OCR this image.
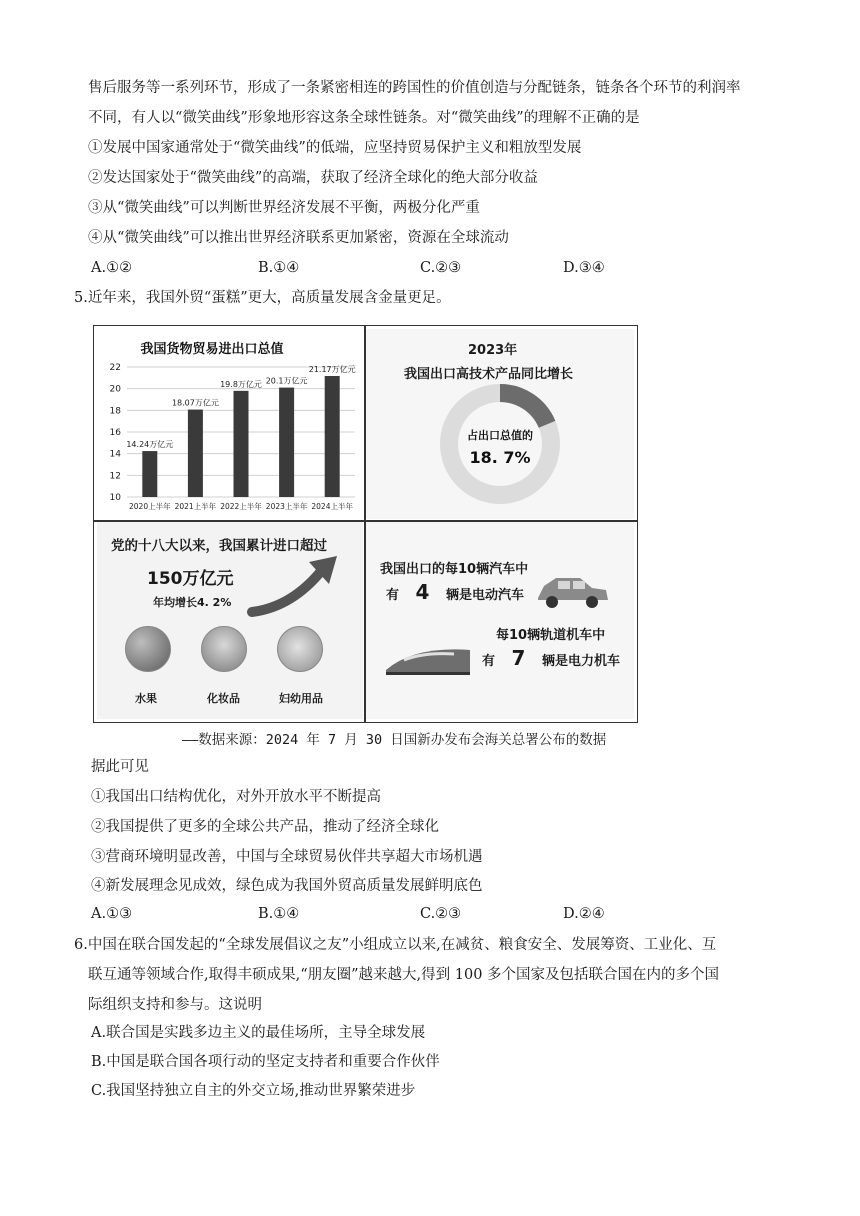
售后服务等一系列环节，形成了一条紧密相连的跨国性的价值创造与分配链条，链条各个环节的利润率
不同，有人以“微笑曲线”形象地形容这条全球性链条。对“微笑曲线”的理解不正确的是
①发展中国家通常处于“微笑曲线”的低端，应坚持贸易保护主义和粗放型发展
②发达国家处于“微笑曲线”的高端，获取了经济全球化的绝大部分收益
③从“微笑曲线”可以判断世界经济发展不平衡，两极分化严重
④从“微笑曲线”可以推出世界经济联系更加紧密，资源在全球流动
A.①②	B.①④	C.②③	D.③④
5.近年来，我国外贸“蛋糕”更大，高质量发展含金量更足。
我国货物贸易进出口总值
10
12
14
16
18
20
22
14.24万亿元
2020上半年
18.07万亿元
2021上半年
19.8万亿元
2022上半年
20.1万亿元
2023上半年
21.17万亿元
2024上半年
2023年
我国出口高技术产品同比增长
占出口总值的
18. 7%
党的十八大以来，我国累计进口超过
150万亿元
年均增长4. 2%
水果	化妆品	妇幼用品
我国出口的每10辆汽车中
有 4 辆是电动汽车
每10辆轨道机车中
有 7 辆是电力机车
——数据来源：2024 年 7 月 30 日国新办发布会海关总署公布的数据
据此可见
①我国出口结构优化，对外开放水平不断提高
②我国提供了更多的全球公共产品，推动了经济全球化
③营商环境明显改善，中国与全球贸易伙伴共享超大市场机遇
④新发展理念见成效，绿色成为我国外贸高质量发展鲜明底色
A.①③	B.①④	C.②③	D.②④
6.中国在联合国发起的“全球发展倡议之友”小组成立以来,在减贫、粮食安全、发展筹资、工业化、互
联互通等领域合作,取得丰硕成果,“朋友圈”越来越大,得到 100 多个国家及包括联合国在内的多个国
际组织支持和参与。这说明
A.联合国是实践多边主义的最佳场所，主导全球发展
B.中国是联合国各项行动的坚定支持者和重要合作伙伴
C.我国坚持独立自主的外交立场,推动世界繁荣进步
